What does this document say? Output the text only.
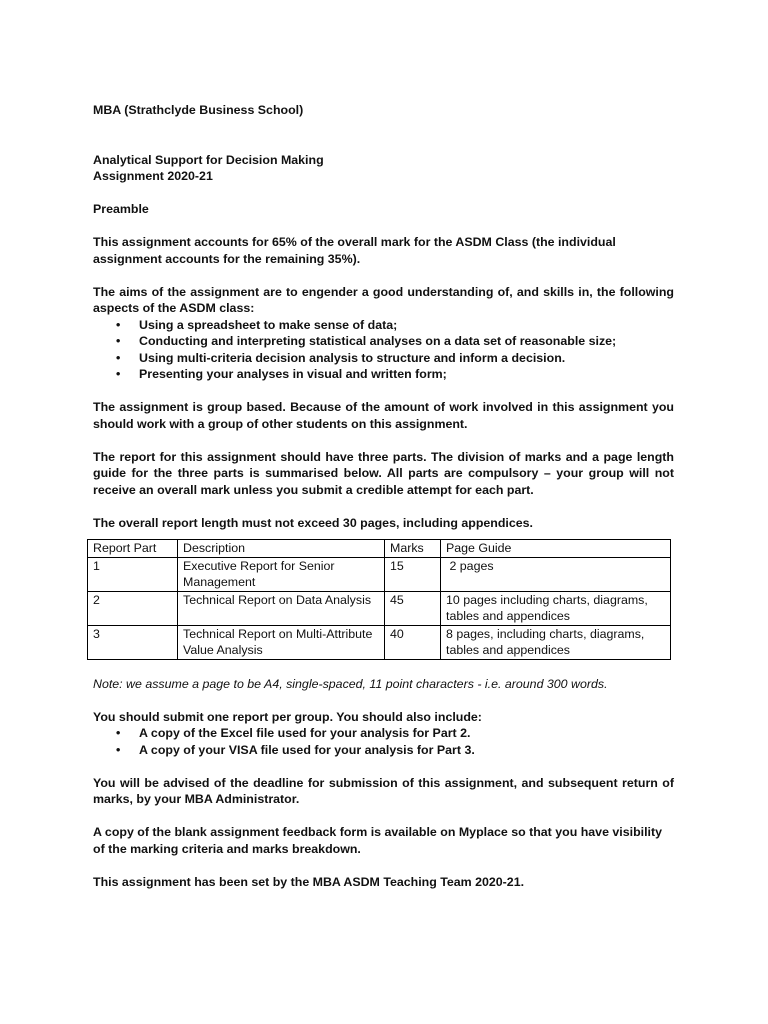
MBA (Strathclyde Business School)

Analytical Support for Decision Making

Assignment 2020-21

Preamble

This assignment accounts for 65% of the overall mark for the ASDM Class (the individual assignment accounts for the remaining 35%).

The aims of the assignment are to engender a good understanding of, and skills in, the following aspects of the ASDM class:

• Using a spreadsheet to make sense of data;
• Conducting and interpreting statistical analyses on a data set of reasonable size;
• Using multi-criteria decision analysis to structure and inform a decision.
• Presenting your analyses in visual and written form;

The assignment is group based. Because of the amount of work involved in this assignment you should work with a group of other students on this assignment.

The report for this assignment should have three parts. The division of marks and a page length guide for the three parts is summarised below. All parts are compulsory – your group will not receive an overall mark unless you submit a credible attempt for each part.

The overall report length must not exceed 30 pages, including appendices.

Report Part	Description	Marks	Page Guide
1	Executive Report for Senior Management	15	2 pages
2	Technical Report on Data Analysis	45	10 pages including charts, diagrams, tables and appendices
3	Technical Report on Multi-Attribute Value Analysis	40	8 pages, including charts, diagrams, tables and appendices

Note: we assume a page to be A4, single-spaced, 11 point characters - i.e. around 300 words.

You should submit one report per group. You should also include:

• A copy of the Excel file used for your analysis for Part 2.
• A copy of your VISA file used for your analysis for Part 3.

You will be advised of the deadline for submission of this assignment, and subsequent return of marks, by your MBA Administrator.

A copy of the blank assignment feedback form is available on Myplace so that you have visibility of the marking criteria and marks breakdown.

This assignment has been set by the MBA ASDM Teaching Team 2020-21.
